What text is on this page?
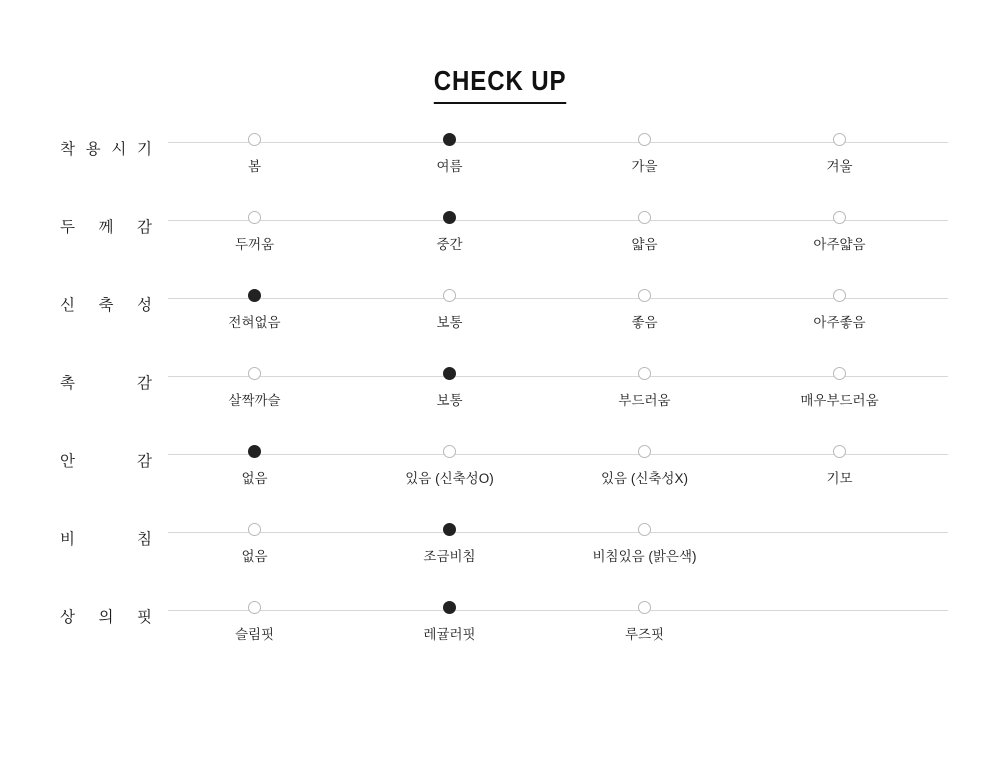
CHECK UP
착 용 시 기
봄	여름	가을	겨울
두 께 감
두꺼움	중간	얇음	아주얇음
신 축 성
전혀없음	보통	좋음	아주좋음
촉	감
살짝까슬	보통	부드러움	매우부드러움
안	감
없음	있음 (신축성O)	있음 (신축성X)	기모
비	침
없음	조금비침	비침있음 (밝은색)
상 의 핏
슬림핏	레귤러핏	루즈핏
